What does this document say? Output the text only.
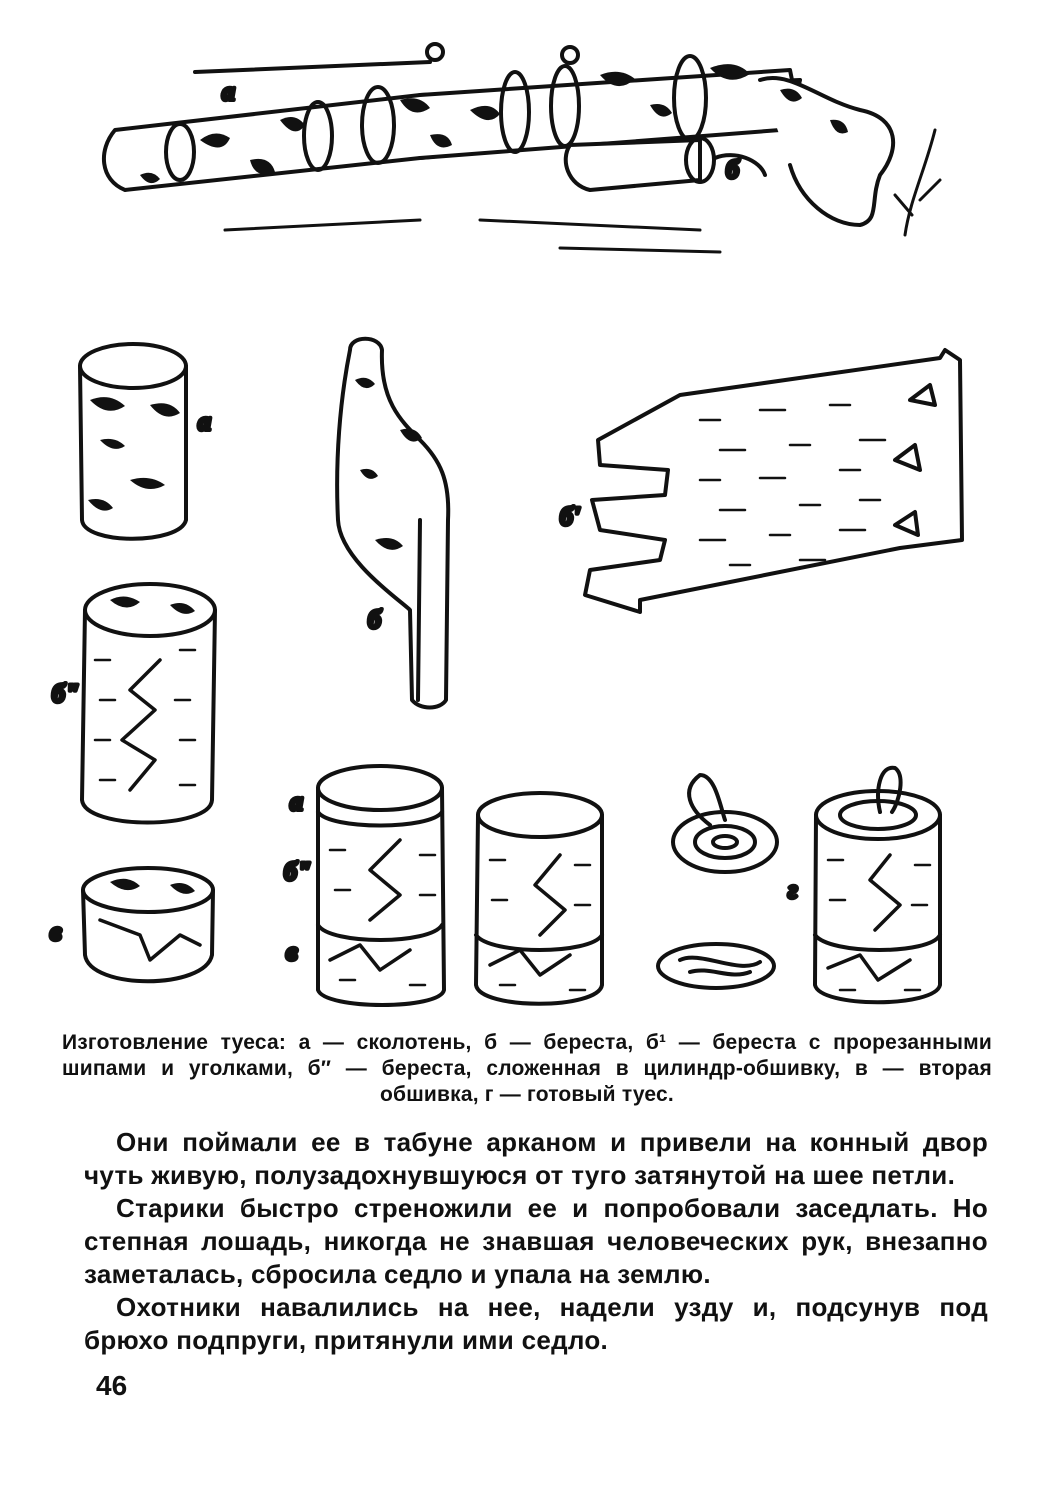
а
б
а
б
б'
б"
в
а
б"
в
г
Изготовление туеса: а — сколотень, б — береста, б¹ — береста с прорезанными шипами и уголками, б″ — береста, сложенная в цилиндр-обшивку, в — вторая обшивка, г — готовый туес.

Они поймали ее в табуне арканом и привели на конный двор чуть живую, полузадохнувшуюся от туго затянутой на шее петли.

Старики быстро стреножили ее и попробовали заседлать. Но степная лошадь, никогда не знавшая человеческих рук, внезапно заметалась, сбросила седло и упала на землю.

Охотники навалились на нее, надели узду и, подсунув под брюхо подпруги, притянули ими седло.

46
